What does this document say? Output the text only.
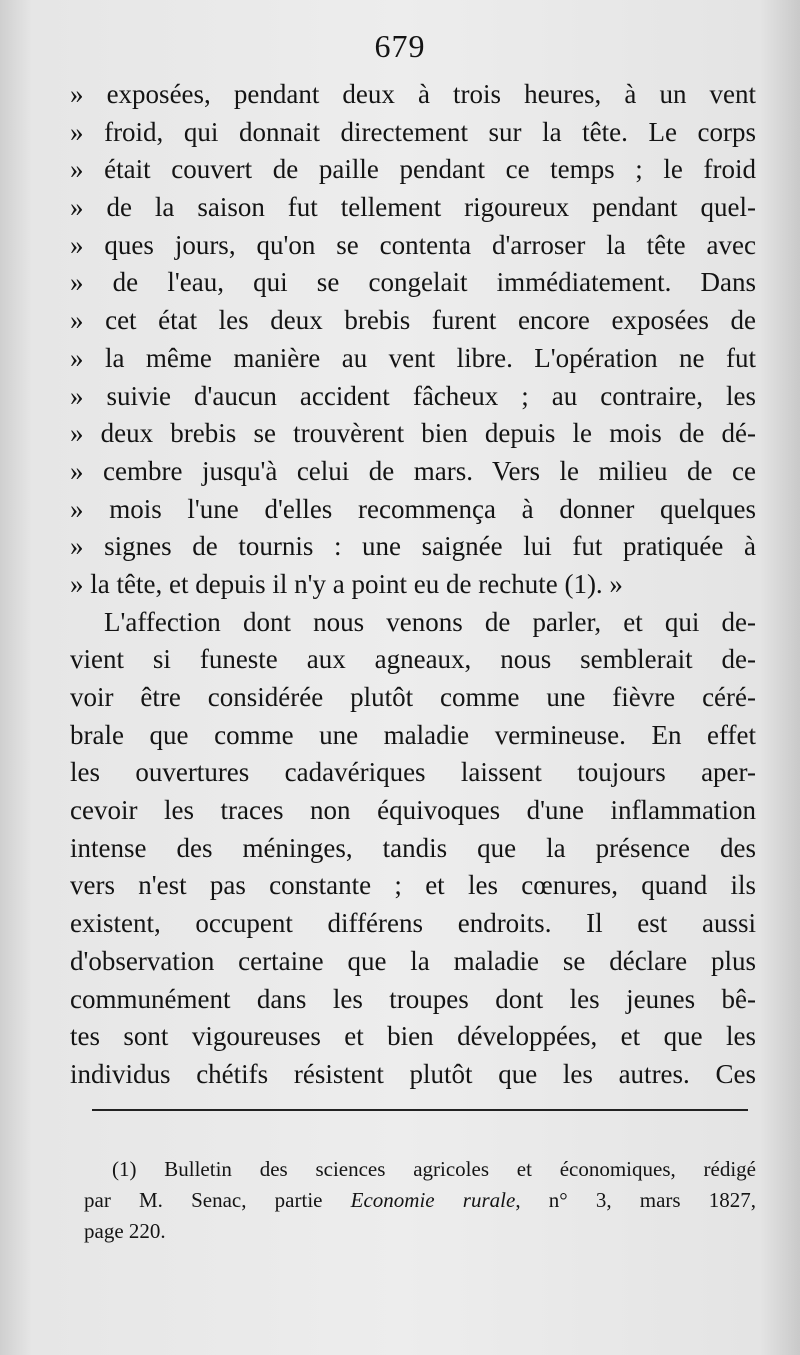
679
» exposées, pendant deux à trois heures, à un vent
» froid, qui donnait directement sur la tête. Le corps
» était couvert de paille pendant ce temps ; le froid
» de la saison fut tellement rigoureux pendant quel-
» ques jours, qu'on se contenta d'arroser la tête avec
» de l'eau, qui se congelait immédiatement. Dans
» cet état les deux brebis furent encore exposées de
» la même manière au vent libre. L'opération ne fut
» suivie d'aucun accident fâcheux ; au contraire, les
» deux brebis se trouvèrent bien depuis le mois de dé-
» cembre jusqu'à celui de mars. Vers le milieu de ce
» mois l'une d'elles recommença à donner quelques
» signes de tournis : une saignée lui fut pratiquée à
» la tête, et depuis il n'y a point eu de rechute (1). »
L'affection dont nous venons de parler, et qui de-
vient si funeste aux agneaux, nous semblerait de-
voir être considérée plutôt comme une fièvre céré-
brale que comme une maladie vermineuse. En effet
les ouvertures cadavériques laissent toujours aper-
cevoir les traces non équivoques d'une inflammation
intense des méninges, tandis que la présence des
vers n'est pas constante ; et les cœnures, quand ils
existent, occupent différens endroits. Il est aussi
d'observation certaine que la maladie se déclare plus
communément dans les troupes dont les jeunes bê-
tes sont vigoureuses et bien développées, et que les
individus chétifs résistent plutôt que les autres. Ces
(1) Bulletin des sciences agricoles et économiques, rédigé
par M. Senac, partie Economie rurale, n° 3, mars 1827,
page 220.
